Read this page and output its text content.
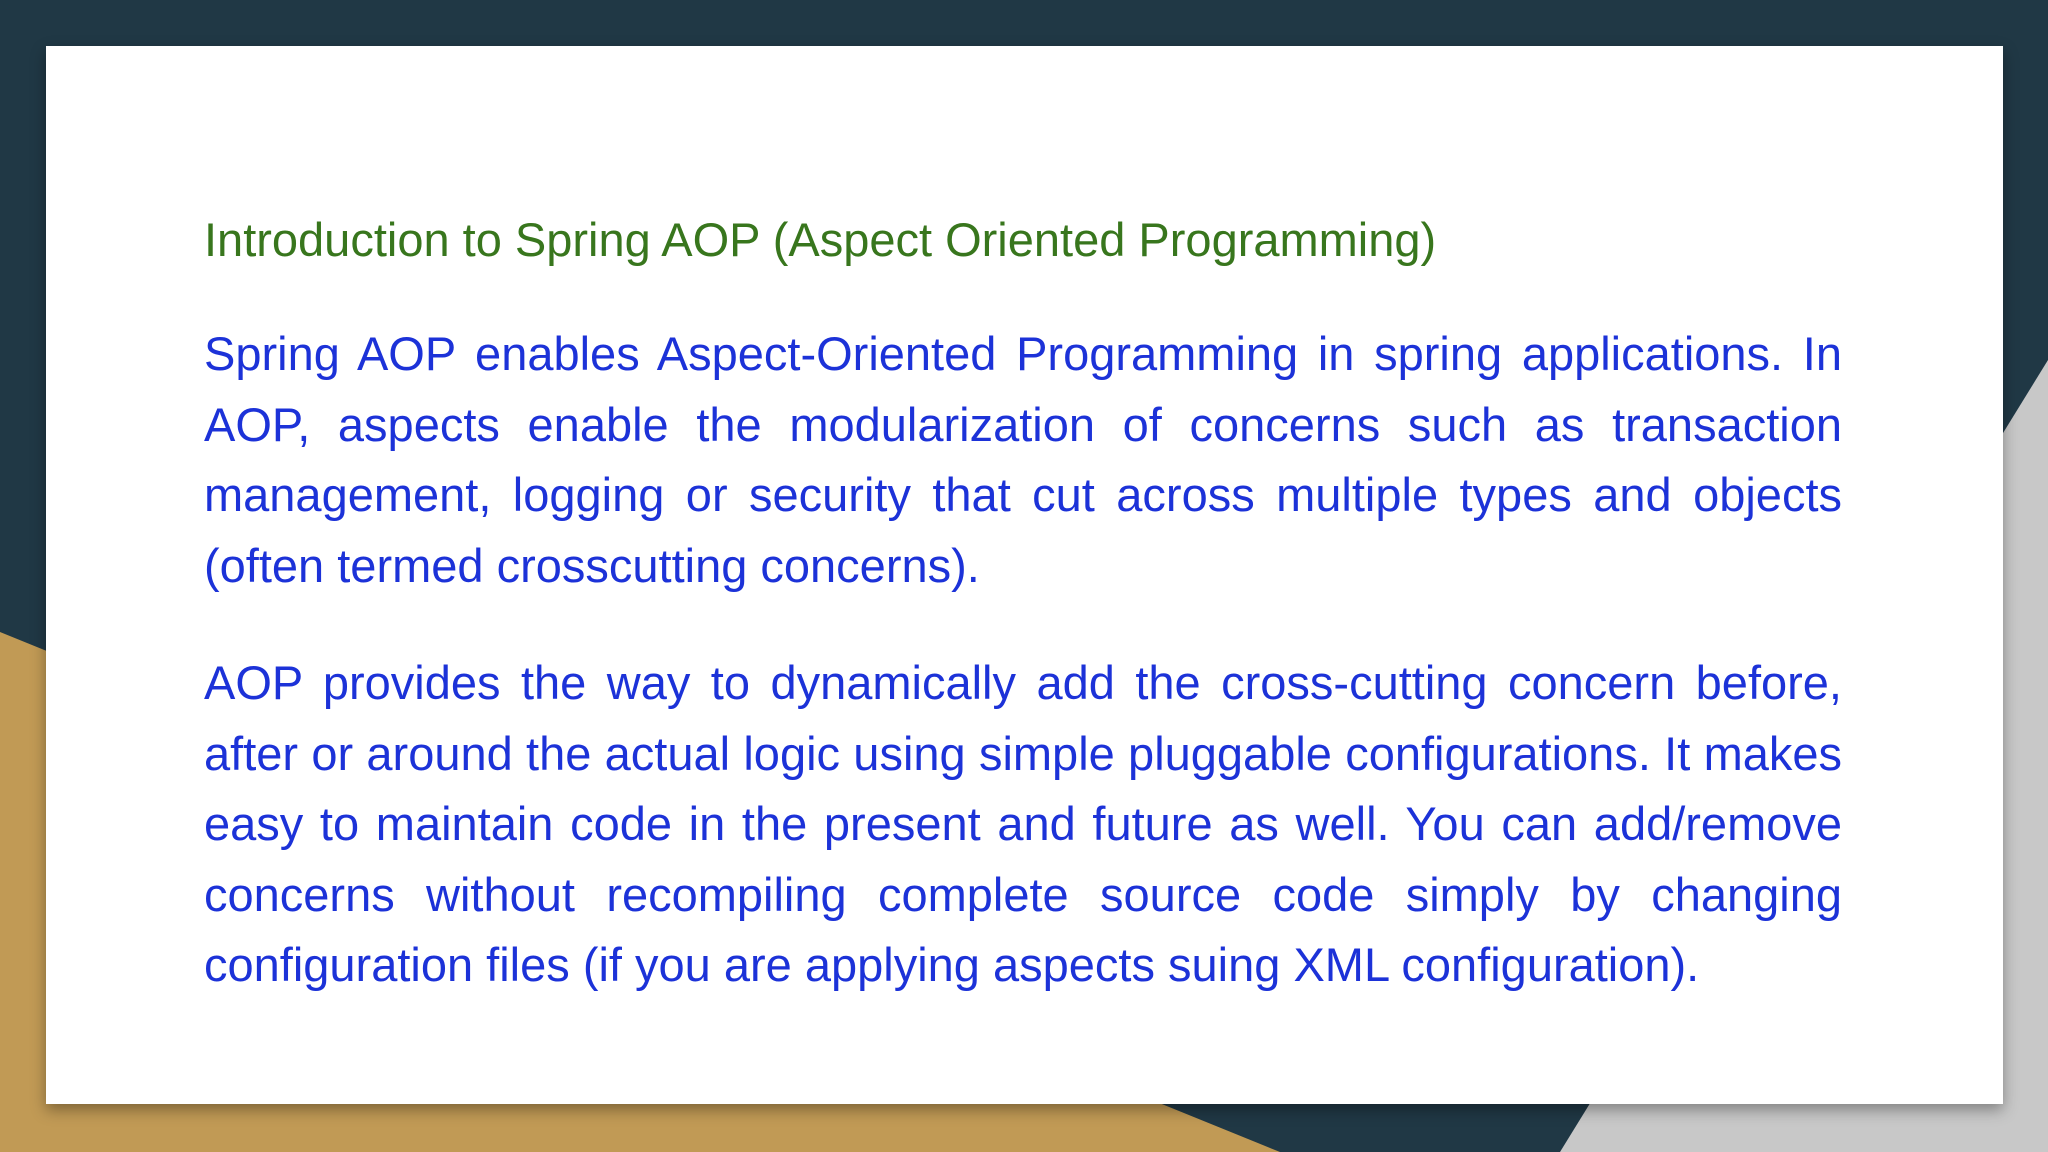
Introduction to Spring AOP (Aspect Oriented Programming)

Spring AOP enables Aspect-Oriented Programming in spring applications. In AOP, aspects enable the modularization of concerns such as transaction management, logging or security that cut across multiple types and objects (often termed crosscutting concerns).

AOP provides the way to dynamically add the cross-cutting concern before, after or around the actual logic using simple pluggable configurations. It makes easy to maintain code in the present and future as well. You can add/remove concerns without recompiling complete source code simply by changing configuration files (if you are applying aspects suing XML configuration).
